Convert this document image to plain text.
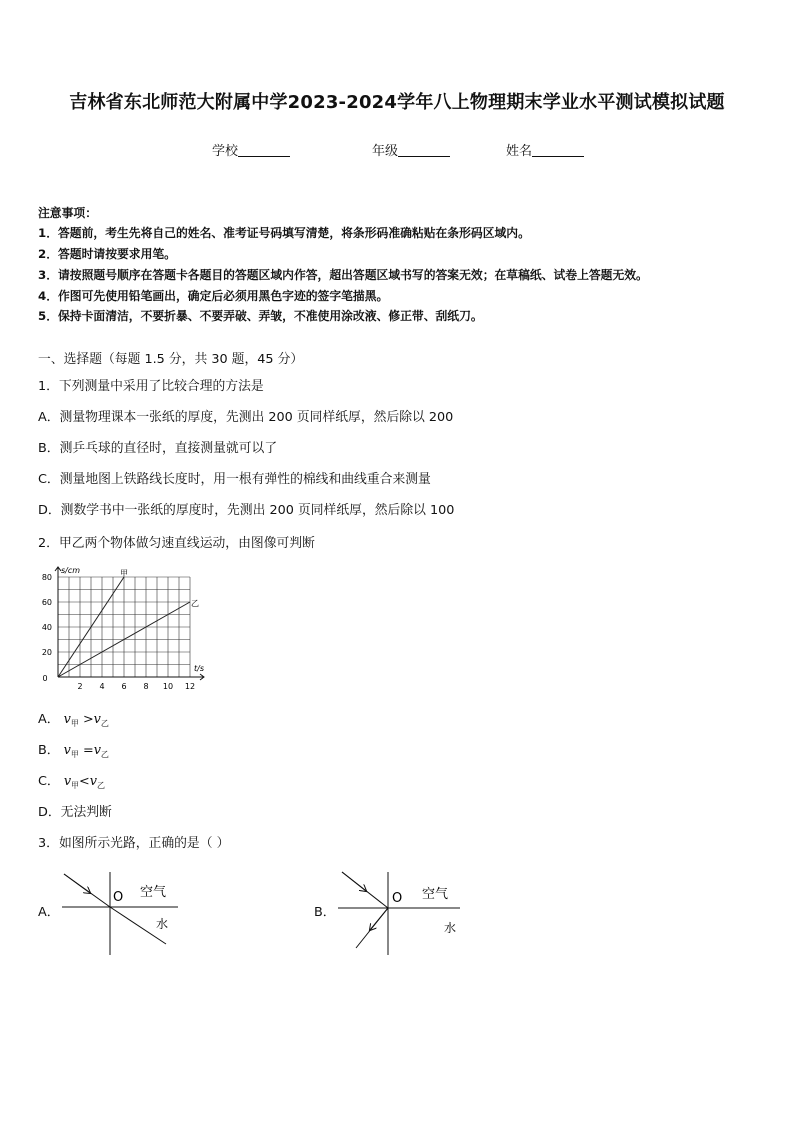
吉林省东北师范大附属中学2023-2024学年八上物理期末学业水平测试模拟试题
学校	年级	姓名
注意事项：
1．答题前，考生先将自己的姓名、准考证号码填写清楚，将条形码准确粘贴在条形码区域内。
2．答题时请按要求用笔。
3．请按照题号顺序在答题卡各题目的答题区域内作答，超出答题区域书写的答案无效；在草稿纸、试卷上答题无效。
4．作图可先使用铅笔画出，确定后必须用黑色字迹的签字笔描黑。
5．保持卡面清洁，不要折暴、不要弄破、弄皱，不准使用涂改液、修正带、刮纸刀。
一、选择题（每题 1.5 分，共 30 题，45 分）
1．下列测量中采用了比较合理的方法是
A．测量物理课本一张纸的厚度，先测出 200 页同样纸厚，然后除以 200
B．测乒乓球的直径时，直接测量就可以了
C．测量地图上铁路线长度时，用一根有弹性的棉线和曲线重合来测量
D．测数学书中一张纸的厚度时，先测出 200 页同样纸厚，然后除以 100
2．甲乙两个物体做匀速直线运动，由图像可判断
s/cm
t/s
0
2 4 6 8 10 12
20
40
60
80	甲
乙
A． $v_甲 >v_乙$
B． $v_甲 =v_乙$
C． $v_甲<v_乙$
D．无法判断
3．如图所示光路，正确的是（ ）
A．
O 空气
水
B．
O 空气
水
